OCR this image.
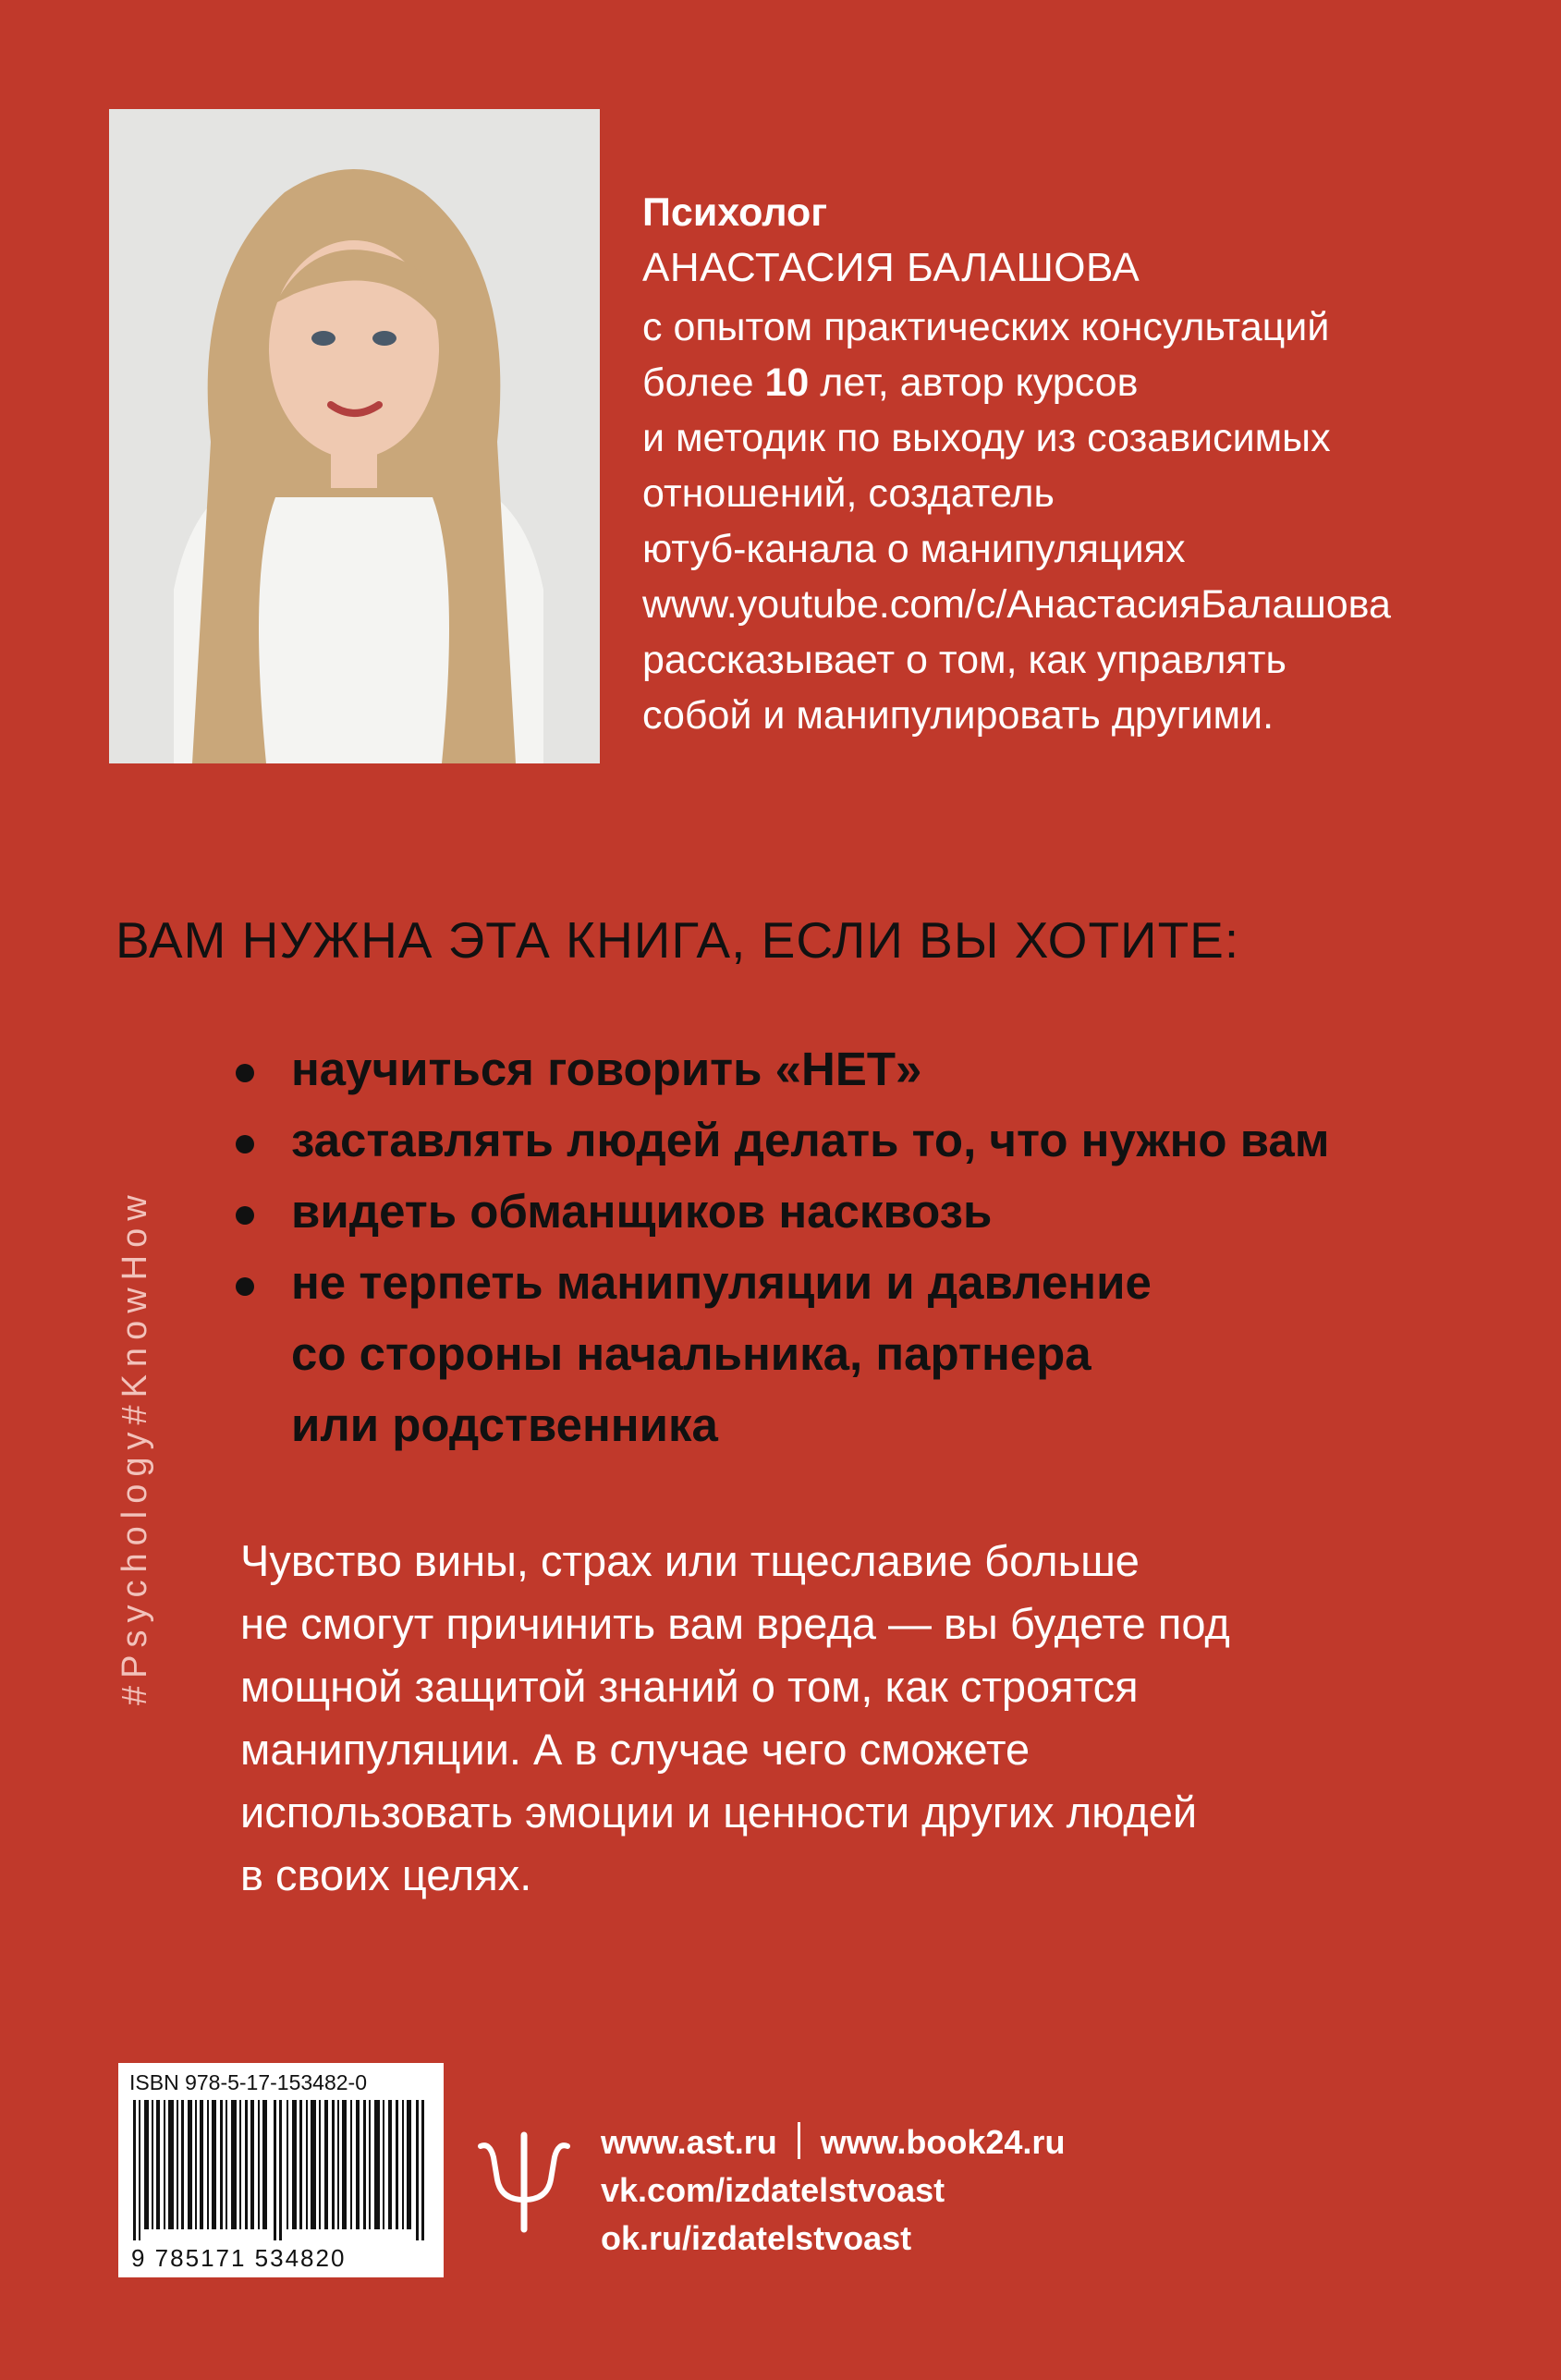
Психолог
АНАСТАСИЯ БАЛАШОВА
с опытом практических консультаций
более 10 лет, автор курсов
и методик по выходу из созависимых
отношений, создатель
ютуб-канала о манипуляциях
www.youtube.com/c/АнастасияБалашова
рассказывает о том, как управлять
собой и манипулировать другими.
#Psychology#KnowHow
ВАМ НУЖНА ЭТА КНИГА, ЕСЛИ ВЫ ХОТИТЕ:
научиться говорить «НЕТ»
заставлять людей делать то, что нужно вам
видеть обманщиков насквозь
не терпеть манипуляции и давление
со стороны начальника, партнера
или родственника
Чувство вины, страх или тщеславие больше
не смогут причинить вам вреда — вы будете под
мощной защитой знаний о том, как строятся
манипуляции. А в случае чего сможете
использовать эмоции и ценности других людей
в своих целях.
ISBN 978-5-17-153482-0
9 785171 534820
www.ast.ru www.book24.ru
vk.com/izdatelstvoast
ok.ru/izdatelstvoast
